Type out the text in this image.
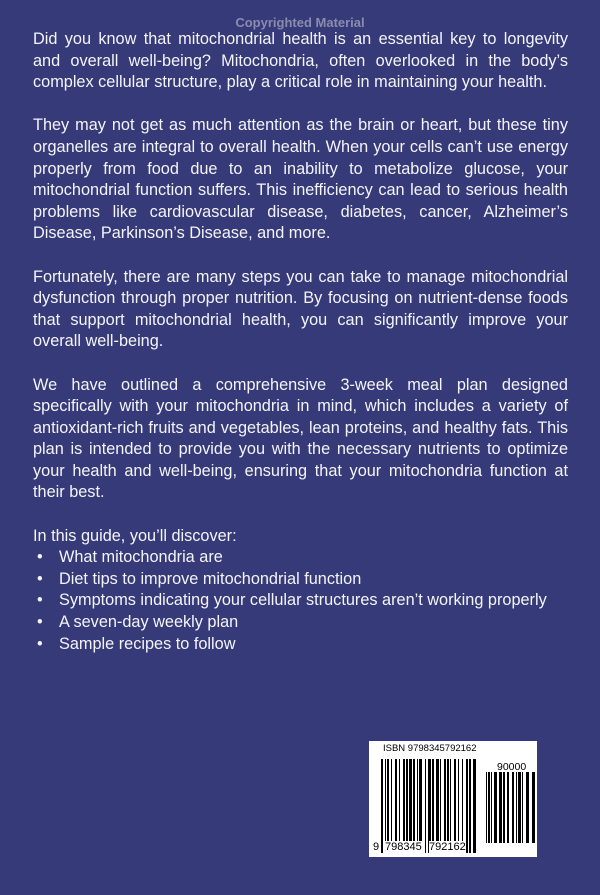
Copyrighted Material

Did you know that mitochondrial health is an essential key to longevity and overall well-being? Mitochondria, often overlooked in the body’s complex cellular structure, play a critical role in maintaining your health.

They may not get as much attention as the brain or heart, but these tiny organelles are integral to overall health. When your cells can’t use energy properly from food due to an inability to metabolize glucose, your mitochondrial function suffers. This inefficiency can lead to serious health problems like cardiovascular disease, diabetes, cancer, Alzheimer’s Disease, Parkinson’s Disease, and more.

Fortunately, there are many steps you can take to manage mitochondrial dysfunction through proper nutrition. By focusing on nutrient-dense foods that support mitochondrial health, you can significantly improve your overall well-being.

We have outlined a comprehensive 3-week meal plan designed specifically with your mitochondria in mind, which includes a variety of antioxidant-rich fruits and vegetables, lean proteins, and healthy fats. This plan is intended to provide you with the necessary nutrients to optimize your health and well-being, ensuring that your mitochondria function at their best.

In this guide, you’ll discover:
• What mitochondria are
• Diet tips to improve mitochondrial function
• Symptoms indicating your cellular structures aren’t working properly
• A seven-day weekly plan
• Sample recipes to follow
ISBN 9798345792162
90000
9 798345 792162
